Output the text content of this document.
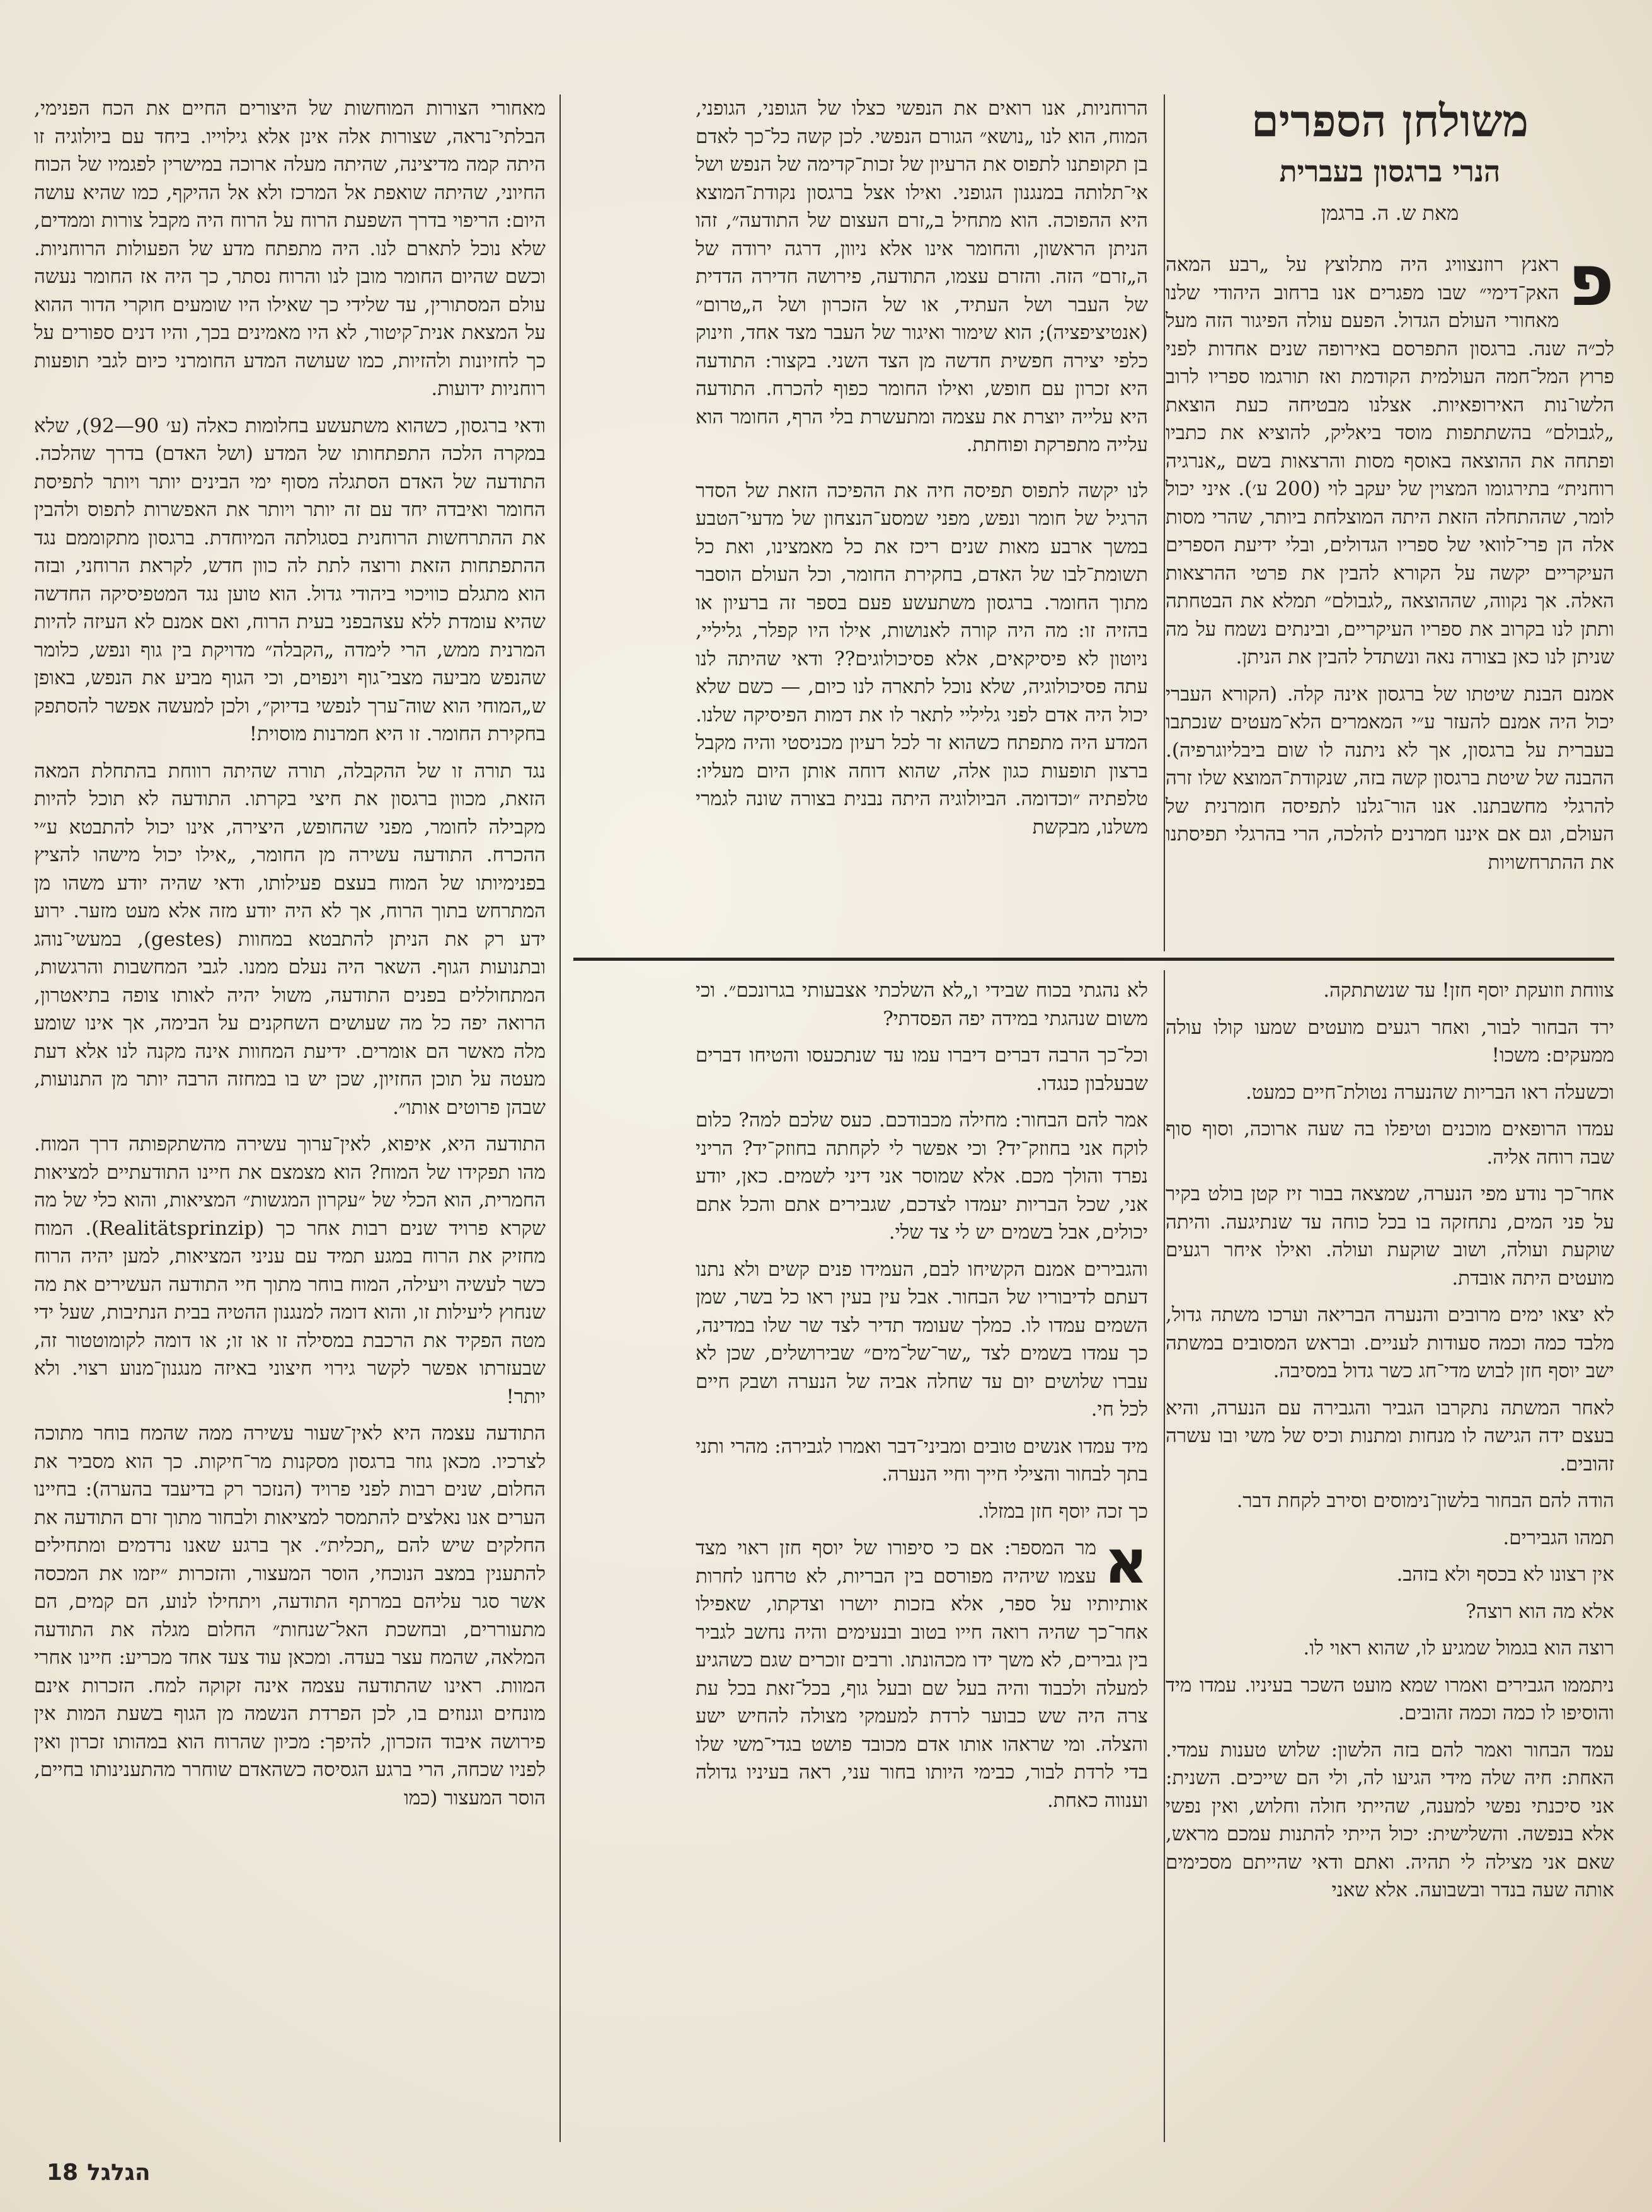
משולחן הספרים
הנרי ברגסון בעברית
מאת ש. ה. ברגמן

פ
ראנץ רוזנצוויג היה מתלוצץ על „רבע המאה האק־דימי״ שבו מפגרים אנו ברחוב היהודי שלנו מאחורי העולם הגדול. הפעם עולה הפיגור הזה מעל לכ״ה שנה. ברגסון התפרסם באירופה שנים אחדות לפני פרוץ המל־חמה העולמית הקודמת ואז תורגמו ספריו לרוב הלשו־נות האירופאיות. אצלנו מבטיחה כעת הוצאת „לגבולם״ בהשתתפות מוסד ביאליק, להוציא את כתביו ופתחה את ההוצאה באוסף מסות והרצאות בשם „אנרגיה רוחנית״ בתירגומו המצוין של יעקב לוי (200 ע׳). איני יכול לומר, שההתחלה הזאת היתה המוצלחת ביותר, שהרי מסות אלה הן פרי־לוואי של ספריו הגדולים, ובלי ידיעת הספרים העיקריים יקשה על הקורא להבין את פרטי ההרצאות האלה. אך נקווה, שההוצאה „לגבולם״ תמלא את הבטחתה ותתן לנו בקרוב את ספריו העיקריים, ובינתים נשמח על מה שניתן לנו כאן בצורה נאה ונשתדל להבין את הניתן.

אמנם הבנת שיטתו של ברגסון אינה קלה. (הקורא העברי יכול היה אמנם להעזר ע״י המאמרים הלא־מעטים שנכתבו בעברית על ברגסון, אך לא ניתנה לו שום ביבליוגרפיה). ההבנה של שיטת ברגסון קשה בזה, שנקודת־המוצא שלו זרה להרגלי מחשבתנו. אנו הור־גלנו לתפיסה חומרנית של העולם, וגם אם איננו חמרנים להלכה, הרי בהרגלי תפיסתנו את ההתרחשויות

הרוחניות, אנו רואים את הנפשי כצלו של הגופני, הגופני, המוח, הוא לנו „נושא״ הגורם הנפשי. לכן קשה כל־כך לאדם בן תקופתנו לתפוס את הרעיון של זכות־קדימה של הנפש ושל אי־תלותה במנגנון הגופני. ואילו אצל ברגסון נקודת־המוצא היא ההפוכה. הוא מתחיל ב„זרם העצום של התודעה״, זהו הניתן הראשון, והחומר אינו אלא ניוון, דרגה ירודה של ה„זרם״ הזה. והזרם עצמו, התודעה, פירושה חדירה הדדית של העבר ושל העתיד, או של הזכרון ושל ה„טרום״ (אנטיציפציה); הוא שימור ואיגור של העבר מצד אחד, וזינוק כלפי יצירה חפשית חדשה מן הצד השני. בקצור: התודעה היא זכרון עם חופש, ואילו החומר כפוף להכרח. התודעה היא עלייה יוצרת את עצמה ומתעשרת בלי הרף, החומר הוא עלייה מתפרקת ופוחתת.

לנו יקשה לתפוס תפיסה חיה את ההפיכה הזאת של הסדר הרגיל של חומר ונפש, מפני שמסע־הנצחון של מדעי־הטבע במשך ארבע מאות שנים ריכז את כל מאמצינו, ואת כל תשומת־לבו של האדם, בחקירת החומר, וכל העולם הוסבר מתוך החומר. ברגסון משתעשע פעם בספר זה ברעיון או בהזיה זו: מה היה קורה לאנושות, אילו היו קפלר, גליליי, ניוטון לא פיסיקאים, אלא פסיכולוגים?? ודאי שהיתה לנו עתה פסיכולוגיה, שלא נוכל לתארה לנו כיום, — כשם שלא יכול היה אדם לפני גליליי לתאר לו את דמות הפיסיקה שלנו. המדע היה מתפתח כשהוא זר לכל רעיון מכניסטי והיה מקבל ברצון תופעות כגון אלה, שהוא דוחה אותן היום מעליו: טלפתיה ״וכדומה. הביולוגיה היתה נבנית בצורה שונה לגמרי משלנו, מבקשת

מאחורי הצורות המוחשות של היצורים החיים את הכח הפנימי, הבלתי־נראה, שצורות אלה אינן אלא גילוייו. ביחד עם ביולוגיה זו היתה קמה מדיצינה, שהיתה מעלה ארוכה במישרין לפגמיו של הכוח החיוני, שהיתה שואפת אל המרכז ולא אל ההיקף, כמו שהיא עושה היום: הריפוי בדרך השפעת הרוח על הרוח היה מקבל צורות וממדים, שלא נוכל לתארם לנו. היה מתפתח מדע של הפעולות הרוחניות. וכשם שהיום החומר מובן לנו והרוח נסתר, כך היה אז החומר נעשה עולם המסתורין, עד שלידי כך שאילו היו שומעים חוקרי הדור ההוא על המצאת אנית־קיטור, לא היו מאמינים בכך, והיו דנים ספורים על כך לחזיונות ולהזיות, כמו שעושה המדע החומרני כיום לגבי תופעות רוחניות ידועות.

ודאי ברגסון, כשהוא משתעשע בחלומות כאלה (ע׳ 90—92), שלא במקרה הלכה התפתחותו של המדע (ושל האדם) בדרך שהלכה. התודעה של האדם הסתגלה מסוף ימי הבינים יותר ויותר לתפיסת החומר ואיבדה יחד עם זה יותר ויותר את האפשרות לתפוס ולהבין את ההתרחשות הרוחנית בסגולתה המיוחדת. ברגסון מתקוממם נגד ההתפתחות הזאת ורוצה לתת לה כוון חדש, לקראת הרוחני, ובזה הוא מתגלם כוויכוי ביהודי גדול. הוא טוען נגד המטפיסיקה החדשה שהיא עומדת ללא עצהבפני בעית הרוח, ואם אמנם לא העיזה להיות המרנית ממש, הרי לימדה „הקבלה״ מדויקת בין גוף ונפש, כלומר שהנפש מביעה מצבי־גוף וינפוים, וכי הגוף מביע את הנפש, באופן ש„המוחי הוא שוה־ערך לנפשי בדיוק״, ולכן למעשה אפשר להסתפק בחקירת החומר. זו היא חמרנות מוסוית!

נגד תורה זו של ההקבלה, תורה שהיתה רווחת בהתחלת המאה הזאת, מכוון ברגסון את חיצי בקרתו. התודעה לא תוכל להיות מקבילה לחומר, מפני שהחופש, היצירה, אינו יכול להתבטא ע״י ההכרח. התודעה עשירה מן החומר, „אילו יכול מישהו להציץ בפנימיותו של המוח בעצם פעילותו, ודאי שהיה יודע משהו מן המתרחש בתוך הרוח, אך לא היה יודע מזה אלא מעט מזער. ירוע ידע רק את הניתן להתבטא במחוות (gestes), במעשי־נוהג ובתנועות הגוף. השאר היה נעלם ממנו. לגבי המחשבות והרגשות, המתחוללים בפנים התודעה, משול יהיה לאותו צופה בתיאטרון, הרואה יפה כל מה שעושים השחקנים על הבימה, אך אינו שומע מלה מאשר הם אומרים. ידיעת המחוות אינה מקנה לנו אלא דעת מעטה על תוכן החזיון, שכן יש בו במחזה הרבה יותר מן התנועות, שבהן פרוטים אותו״.

התודעה היא, איפוא, לאין־ערוך עשירה מהשתקפותה דרך המוח. מהו תפקידו של המוח? הוא מצמצם את חיינו התודעתיים למציאות החמרית, הוא הכלי של ״עקרון המגשות״ המציאות, והוא כלי של מה שקרא פרויד שנים רבות אחר כך (Realitätsprinzip). המוח מחזיק את הרוח במגע תמיד עם עניני המציאות, למען יהיה הרוח כשר לעשיה ויעילה, המוח בוחר מתוך חיי התודעה העשירים את מה שנחוץ ליעילות זו, והוא דומה למנגנון ההטיה בבית הנתיבות, שעל ידי מטה הפקיד את הרכבת במסילה זו או זו; או דומה לקומוטטור זה, שבעזרתו אפשר לקשר גירוי חיצוני באיזה מנגנון־מנוע רצוי. ולא יותר!

התודעה עצמה היא לאין־שעור עשירה ממה שהמח בוחר מתוכה לצרכיו. מכאן גוזר ברגסון מסקנות מר־חיקות. כך הוא מסביר את החלום, שנים רבות לפני פרויד (הנזכר רק בדיעבד בהערה): בחיינו הערים אנו נאלצים להתמסר למציאות ולבחור מתוך זרם התודעה את החלקים שיש להם „תכלית״. אך ברגע שאנו נרדמים ומתחילים להתענין במצב הנוכחי, הוסר המעצור, והזכרות ״יזמו את המכסה אשר סגר עליהם במרתף התודעה, ויתחילו לנוע, הם קמים, הם מתעוררים, ובחשכת האל־שנחות״ החלום מגלה את התודעה המלאה, שהמח עצר בעדה. ומכאן עוד צעד אחד מכריע: חיינו אחרי המוות. ראינו שהתודעה עצמה אינה זקוקה למח. הזכרות אינם מונחים וגנוזים בו, לכן הפרדת הנשמה מן הגוף בשעת המות אין פירושה איבוד הזכרון, להיפך: מכיון שהרוח הוא במהותו זכרון ואין לפניו שכחה, הרי ברגע הגסיסה כשהאדם שוחרר מהתענינותו בחיים, הוסר המעצור (כמו

צווחת וזועקת יוסף חזן! עד שנשתתקה.

ירד הבחור לבור, ואחר רגעים מועטים שמעו קולו עולה ממעקים: משכו!

וכשעלה ראו הבריות שהנערה נטולת־חיים כמעט.

עמדו הרופאים מוכנים וטיפלו בה שעה ארוכה, וסוף סוף שבה רוחה אליה.

אחר־כך נודע מפי הנערה, שמצאה בבור זיז קטן בולט בקיר על פני המים, נתחזקה בו בכל כוחה עד שנתיגעה. והיתה שוקעת ועולה, ושוב שוקעת ועולה. ואילו איחר רגעים מועטים היתה אובדת.

לא יצאו ימים מרובים והנערה הבריאה וערכו משתה גדול, מלבד כמה וכמה סעודות לעניים. ובראש המסובים במשתה ישב יוסף חזן לבוש מדי־חג כשר גדול במסיבה.

לאחר המשתה נתקרבו הגביר והגבירה עם הנערה, והיא בעצם ידה הגישה לו מנחות ומתנות וכיס של משי ובו עשרה זהובים.

הודה להם הבחור בלשון־נימוסים וסירב לקחת דבר.

תמהו הגבירים.

אין רצונו לא בכסף ולא בזהב.

אלא מה הוא רוצה?

רוצה הוא בגמול שמגיע לו, שהוא ראוי לו.

ניתממו הגבירים ואמרו שמא מועט השכר בעיניו. עמדו מיד והוסיפו לו כמה וכמה זהובים.

עמד הבחור ואמר להם בזה הלשון: שלוש טענות עמדי. האחת: חיה שלה מידי הגיעו לה, ולי הם שייכים. השנית: אני סיכנתי נפשי למענה, שהייתי חולה וחלוש, ואין נפשי אלא בנפשה. והשלישית: יכול הייתי להתנות עמכם מראש, שאם אני מצילה לי תהיה. ואתם ודאי שהייתם מסכימים אותה שעה בנדר ובשבועה. אלא שאני

לא נהגתי בכוח שבידי ו„לא השלכתי אצבעותי בגרונכם״. וכי משום שנהגתי במידה יפה הפסדתי?

וכל־כך הרבה דברים דיברו עמו עד שנתכעסו והטיחו דברים שבעלבון כנגדו.

אמר להם הבחור: מחילה מכבודכם. כעס שלכם למה? כלום לוקח אני בחוזק־יד? וכי אפשר לי לקחתה בחוזק־יד? הריני נפרד והולך מכם. אלא שמוסר אני דיני לשמים. כאן, יודע אני, שכל הבריות יעמדו לצדכם, שגבירים אתם והכל אתם יכולים, אבל בשמים יש לי צד שלי.

והגבירים אמנם הקשיחו לבם, העמידו פנים קשים ולא נתנו דעתם לדיבוריו של הבחור. אבל עין בעין ראו כל בשר, שמן השמים עמדו לו. כמלך שעומד תדיר לצד שר שלו במדינה, כך עמדו בשמים לצד „שר־של־מים״ שבירושלים, שכן לא עברו שלושים יום עד שחלה אביה של הנערה ושבק חיים לכל חי.

מיד עמדו אנשים טובים ומביני־דבר ואמרו לגבירה: מהרי ותני בתך לבחור והצילי חייך וחיי הנערה.

כך זכה יוסף חזן במזלו.

א
מר המספר: אם כי סיפורו של יוסף חזן ראוי מצד עצמו שיהיה מפורסם בין הבריות, לא טרחנו לחרות אותיותיו על ספר, אלא בזכות יושרו וצדקתו, שאפילו אחר־כך שהיה רואה חייו בטוב ובנעימים והיה נחשב לגביר בין גבירים, לא משך ידו מכהונתו. ורבים זוכרים שגם כשהגיע למעלה ולכבוד והיה בעל שם ובעל גוף, בכל־זאת בכל עת צרה היה שש כבוער לרדת למעמקי מצולה להחיש ישע והצלה. ומי שראהו אותו אדם מכובד פושט בגדי־משי שלו בדי לרדת לבור, כבימי היותו בחור עני, ראה בעיניו גדולה וענווה כאחת.

הגלגל18
